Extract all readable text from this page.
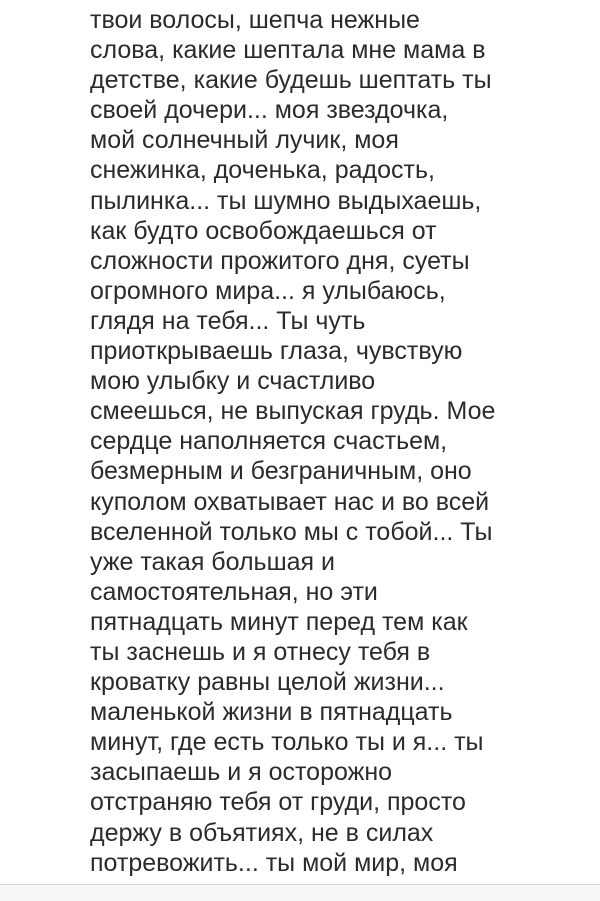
твои волосы, шепча нежные
слова, какие шептала мне мама в
детстве, какие будешь шептать ты
своей дочери... моя звездочка,
мой солнечный лучик, моя
снежинка, доченька, радость,
пылинка... ты шумно выдыхаешь,
как будто освобождаешься от
сложности прожитого дня, суеты
огромного мира... я улыбаюсь,
глядя на тебя... Ты чуть
приоткрываешь глаза, чувствую
мою улыбку и счастливо
смеешься, не выпуская грудь. Мое
сердце наполняется счастьем,
безмерным и безграничным, оно
куполом охватывает нас и во всей
вселенной только мы с тобой... Ты
уже такая большая и
самостоятельная, но эти
пятнадцать минут перед тем как
ты заснешь и я отнесу тебя в
кроватку равны целой жизни...
маленькой жизни в пятнадцать
минут, где есть только ты и я... ты
засыпаешь и я осторожно
отстраняю тебя от груди, просто
держу в объятиях, не в силах
потревожить... ты мой мир, моя
